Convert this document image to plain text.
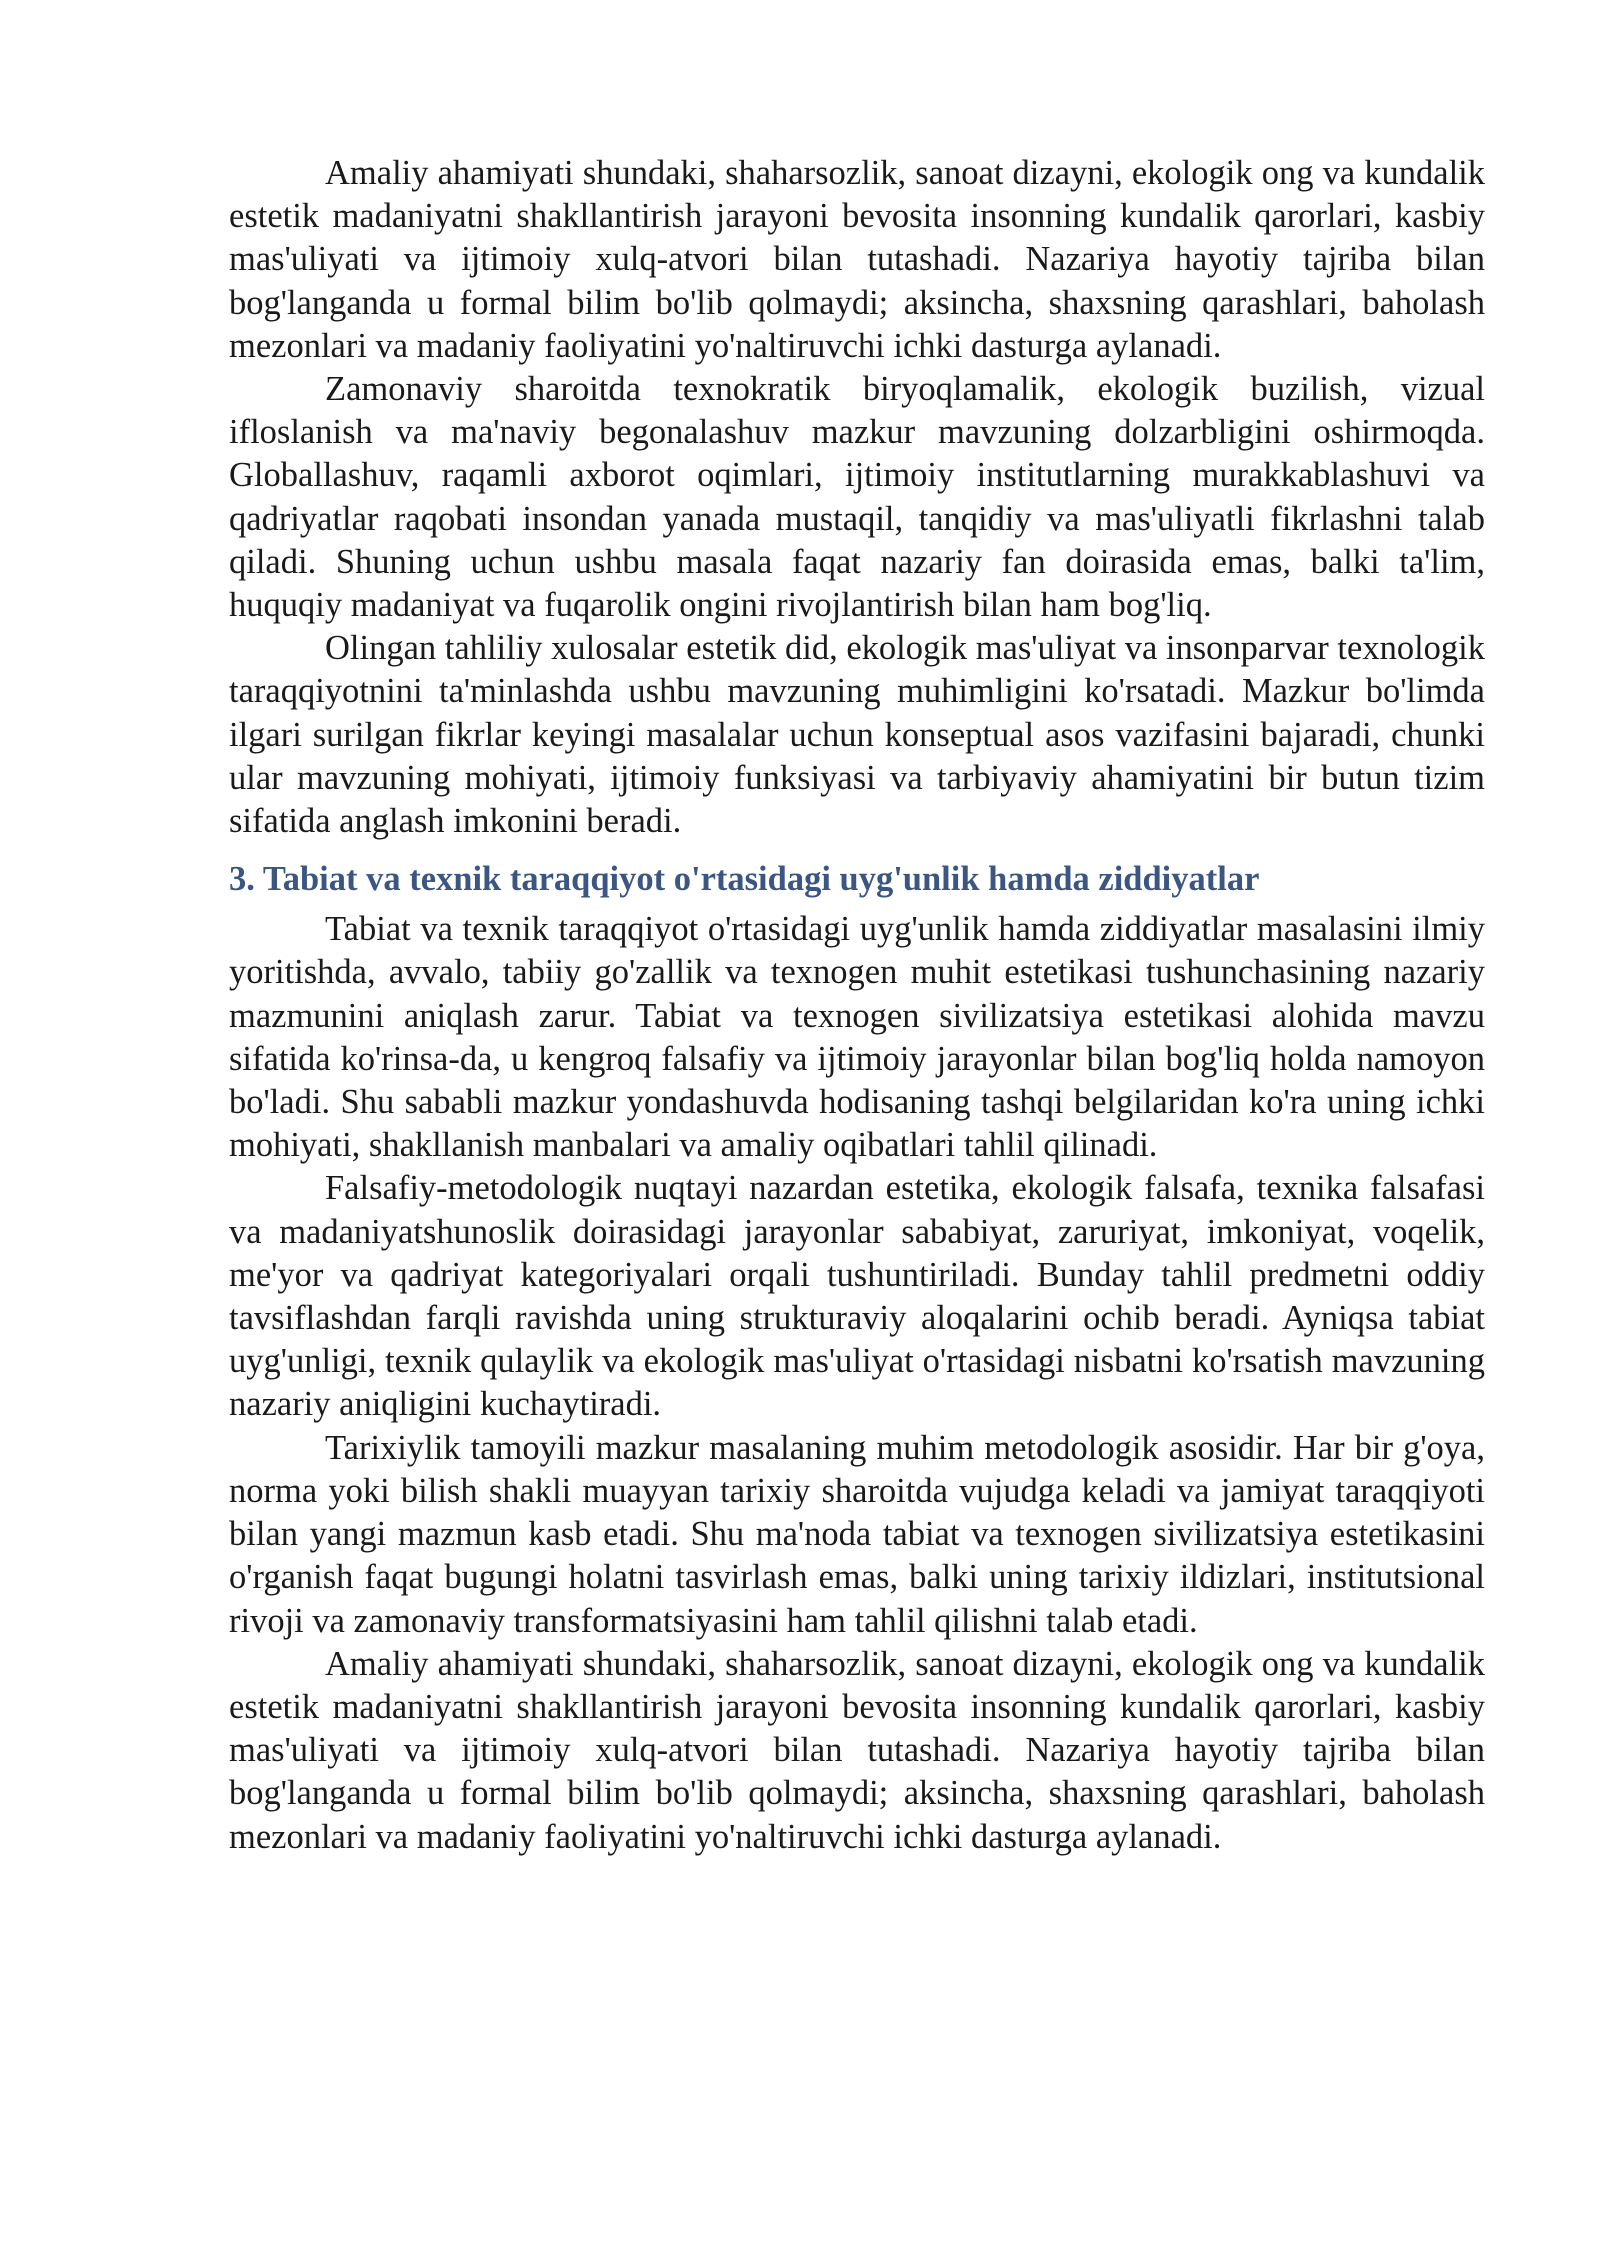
Amaliy ahamiyati shundaki, shaharsozlik, sanoat dizayni, ekologik ong va kundalik estetik madaniyatni shakllantirish jarayoni bevosita insonning kundalik qarorlari, kasbiy mas'uliyati va ijtimoiy xulq-atvori bilan tutashadi. Nazariya hayotiy tajriba bilan bog'langanda u formal bilim bo'lib qolmaydi; aksincha, shaxsning qarashlari, baholash mezonlari va madaniy faoliyatini yo'naltiruvchi ichki dasturga aylanadi.

Zamonaviy sharoitda texnokratik biryoqlamalik, ekologik buzilish, vizual ifloslanish va ma'naviy begonalashuv mazkur mavzuning dolzarbligini oshirmoqda. Globallashuv, raqamli axborot oqimlari, ijtimoiy institutlarning murakkablashuvi va qadriyatlar raqobati insondan yanada mustaqil, tanqidiy va mas'uliyatli fikrlashni talab qiladi. Shuning uchun ushbu masala faqat nazariy fan doirasida emas, balki ta'lim, huquqiy madaniyat va fuqarolik ongini rivojlantirish bilan ham bog'liq.

Olingan tahliliy xulosalar estetik did, ekologik mas'uliyat va insonparvar texnologik taraqqiyotnini ta'minlashda ushbu mavzuning muhimligini ko'rsatadi. Mazkur bo'limda ilgari surilgan fikrlar keyingi masalalar uchun konseptual asos vazifasini bajaradi, chunki ular mavzuning mohiyati, ijtimoiy funksiyasi va tarbiyaviy ahamiyatini bir butun tizim sifatida anglash imkonini beradi.

3. Tabiat va texnik taraqqiyot o'rtasidagi uyg'unlik hamda ziddiyatlar

Tabiat va texnik taraqqiyot o'rtasidagi uyg'unlik hamda ziddiyatlar masalasini ilmiy yoritishda, avvalo, tabiiy go'zallik va texnogen muhit estetikasi tushunchasining nazariy mazmunini aniqlash zarur. Tabiat va texnogen sivilizatsiya estetikasi alohida mavzu sifatida ko'rinsa-da, u kengroq falsafiy va ijtimoiy jarayonlar bilan bog'liq holda namoyon bo'ladi. Shu sababli mazkur yondashuvda hodisaning tashqi belgilaridan ko'ra uning ichki mohiyati, shakllanish manbalari va amaliy oqibatlari tahlil qilinadi.

Falsafiy-metodologik nuqtayi nazardan estetika, ekologik falsafa, texnika falsafasi va madaniyatshunoslik doirasidagi jarayonlar sababiyat, zaruriyat, imkoniyat, voqelik, me'yor va qadriyat kategoriyalari orqali tushuntiriladi. Bunday tahlil predmetni oddiy tavsiflashdan farqli ravishda uning strukturaviy aloqalarini ochib beradi. Ayniqsa tabiat uyg'unligi, texnik qulaylik va ekologik mas'uliyat o'rtasidagi nisbatni ko'rsatish mavzuning nazariy aniqligini kuchaytiradi.

Tarixiylik tamoyili mazkur masalaning muhim metodologik asosidir. Har bir g'oya, norma yoki bilish shakli muayyan tarixiy sharoitda vujudga keladi va jamiyat taraqqiyoti bilan yangi mazmun kasb etadi. Shu ma'noda tabiat va texnogen sivilizatsiya estetikasini o'rganish faqat bugungi holatni tasvirlash emas, balki uning tarixiy ildizlari, institutsional rivoji va zamonaviy transformatsiyasini ham tahlil qilishni talab etadi.

Amaliy ahamiyati shundaki, shaharsozlik, sanoat dizayni, ekologik ong va kundalik estetik madaniyatni shakllantirish jarayoni bevosita insonning kundalik qarorlari, kasbiy mas'uliyati va ijtimoiy xulq-atvori bilan tutashadi. Nazariya hayotiy tajriba bilan bog'langanda u formal bilim bo'lib qolmaydi; aksincha, shaxsning qarashlari, baholash mezonlari va madaniy faoliyatini yo'naltiruvchi ichki dasturga aylanadi.
